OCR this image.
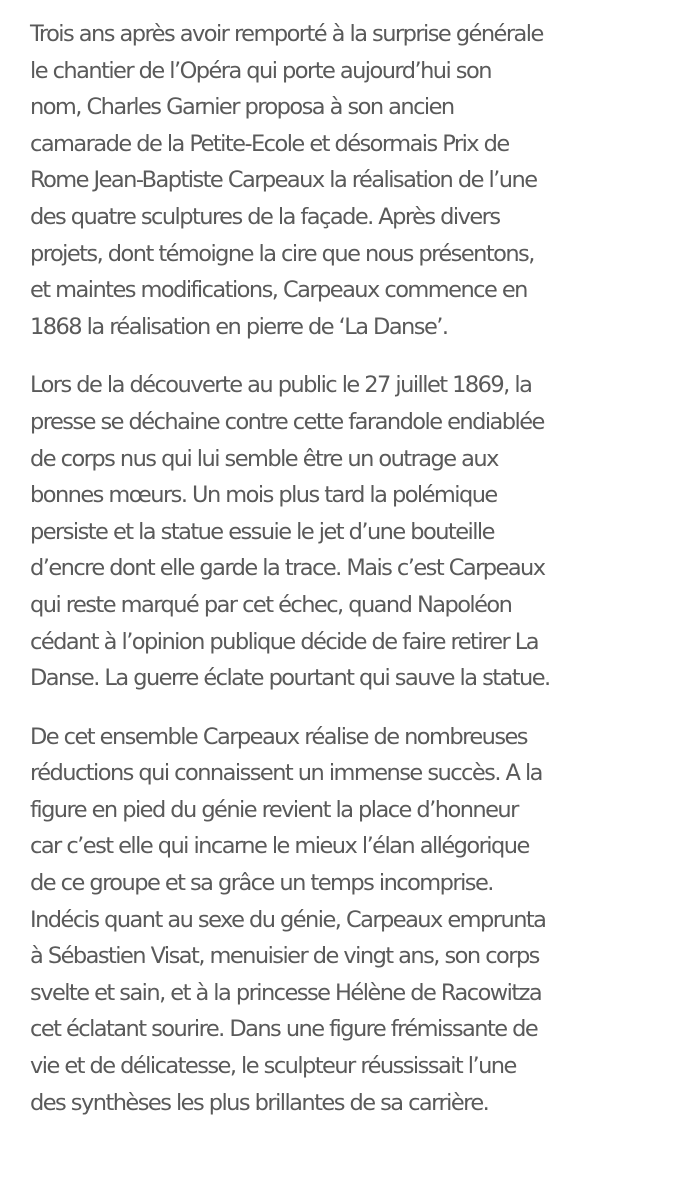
Trois ans après avoir remporté à la surprise générale
le chantier de l’Opéra qui porte aujourd’hui son
nom, Charles Garnier proposa à son ancien
camarade de la Petite-Ecole et désormais Prix de
Rome Jean-Baptiste Carpeaux la réalisation de l’une
des quatre sculptures de la façade. Après divers
projets, dont témoigne la cire que nous présentons,
et maintes modifications, Carpeaux commence en
1868 la réalisation en pierre de ‘La Danse’.

Lors de la découverte au public le 27 juillet 1869, la
presse se déchaine contre cette farandole endiablée
de corps nus qui lui semble être un outrage aux
bonnes mœurs. Un mois plus tard la polémique
persiste et la statue essuie le jet d’une bouteille
d’encre dont elle garde la trace. Mais c’est Carpeaux
qui reste marqué par cet échec, quand Napoléon
cédant à l’opinion publique décide de faire retirer La
Danse. La guerre éclate pourtant qui sauve la statue.

De cet ensemble Carpeaux réalise de nombreuses
réductions qui connaissent un immense succès. A la
figure en pied du génie revient la place d’honneur
car c’est elle qui incarne le mieux l’élan allégorique
de ce groupe et sa grâce un temps incomprise.
Indécis quant au sexe du génie, Carpeaux emprunta
à Sébastien Visat, menuisier de vingt ans, son corps
svelte et sain, et à la princesse Hélène de Racowitza
cet éclatant sourire. Dans une figure frémissante de
vie et de délicatesse, le sculpteur réussissait l’une
des synthèses les plus brillantes de sa carrière.
